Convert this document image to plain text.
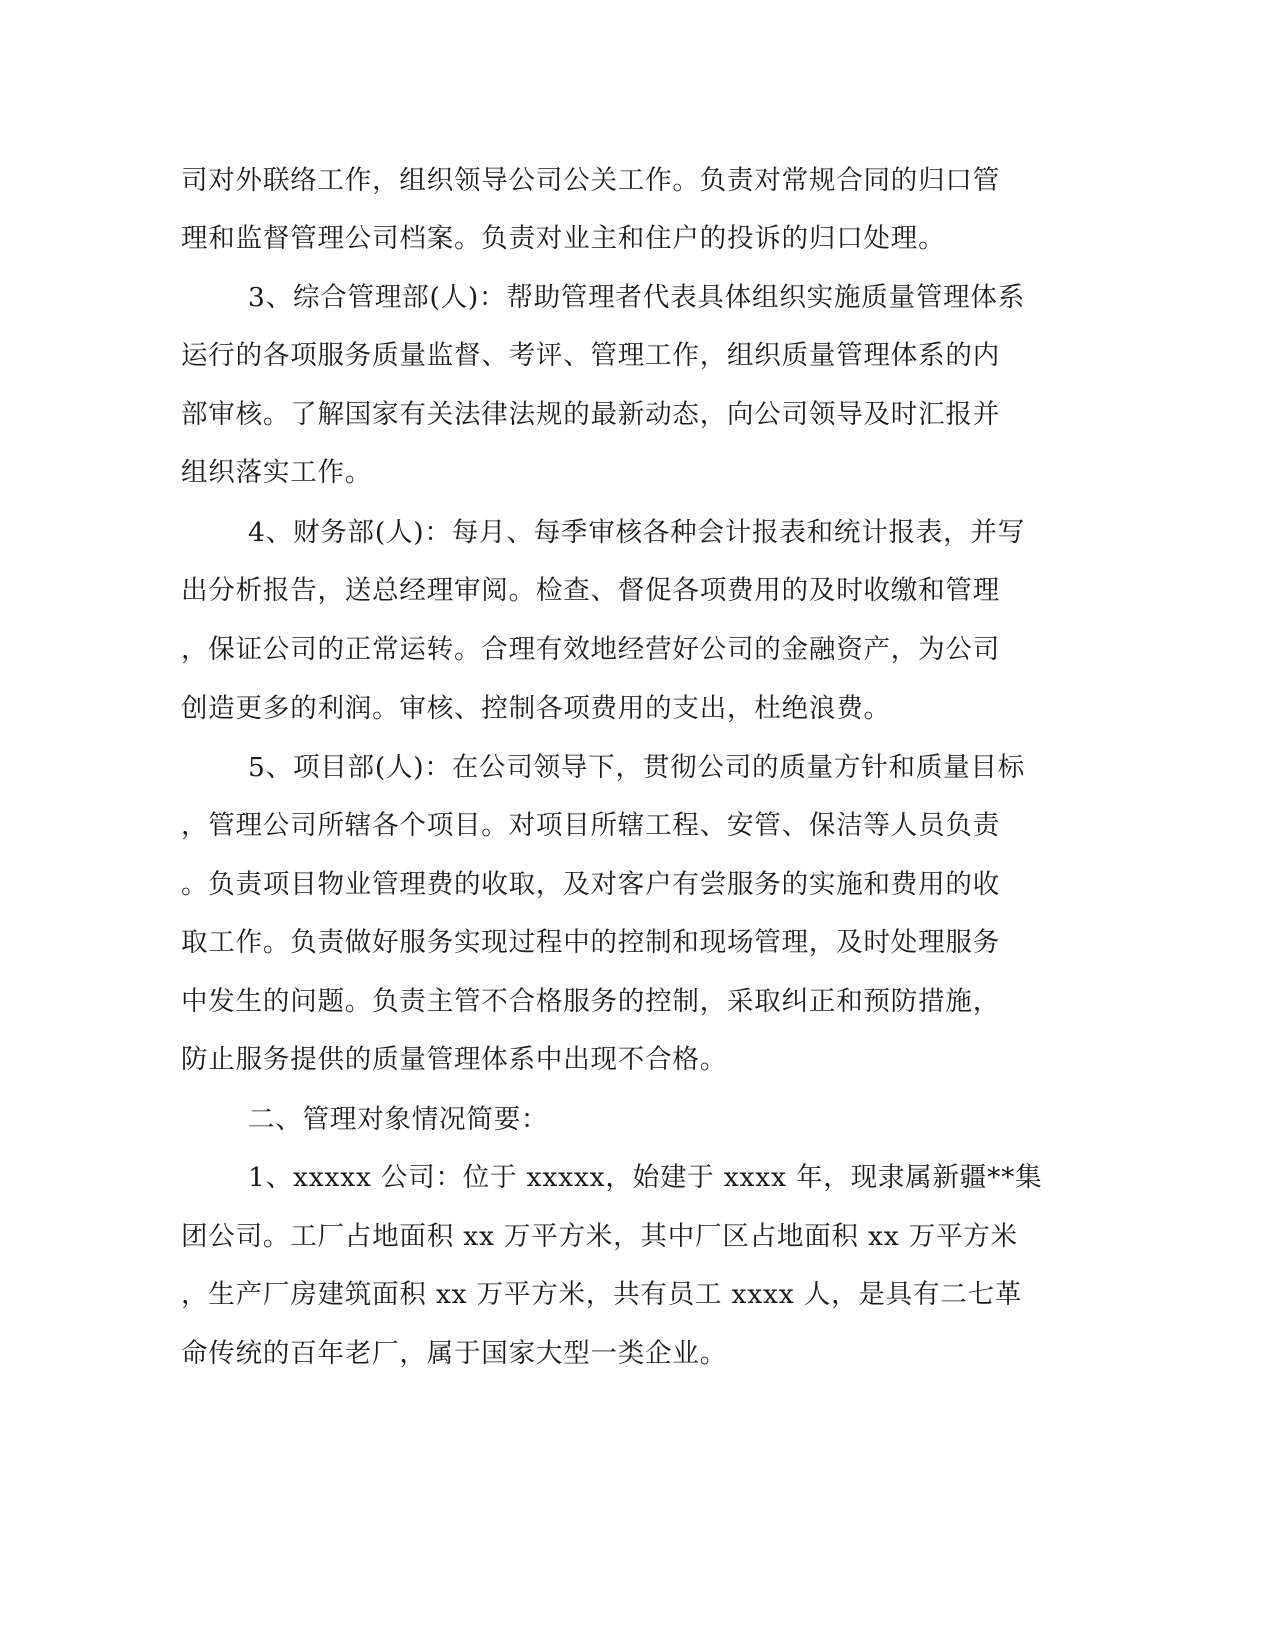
司对外联络工作，组织领导公司公关工作。负责对常规合同的归口管
理和监督管理公司档案。负责对业主和住户的投诉的归口处理。
3、综合管理部(人)：帮助管理者代表具体组织实施质量管理体系
运行的各项服务质量监督、考评、管理工作，组织质量管理体系的内
部审核。了解国家有关法律法规的最新动态，向公司领导及时汇报并
组织落实工作。
4、财务部(人)：每月、每季审核各种会计报表和统计报表，并写
出分析报告，送总经理审阅。检查、督促各项费用的及时收缴和管理
，保证公司的正常运转。合理有效地经营好公司的金融资产，为公司
创造更多的利润。审核、控制各项费用的支出，杜绝浪费。
5、项目部(人)：在公司领导下，贯彻公司的质量方针和质量目标
，管理公司所辖各个项目。对项目所辖工程、安管、保洁等人员负责
。负责项目物业管理费的收取，及对客户有尝服务的实施和费用的收
取工作。负责做好服务实现过程中的控制和现场管理，及时处理服务
中发生的问题。负责主管不合格服务的控制，采取纠正和预防措施，
防止服务提供的质量管理体系中出现不合格。
二、管理对象情况简要：
1、xxxxx 公司：位于 xxxxx，始建于 xxxx 年，现隶属新疆**集
团公司。工厂占地面积 xx 万平方米，其中厂区占地面积 xx 万平方米
，生产厂房建筑面积 xx 万平方米，共有员工 xxxx 人，是具有二七革
命传统的百年老厂，属于国家大型一类企业。
